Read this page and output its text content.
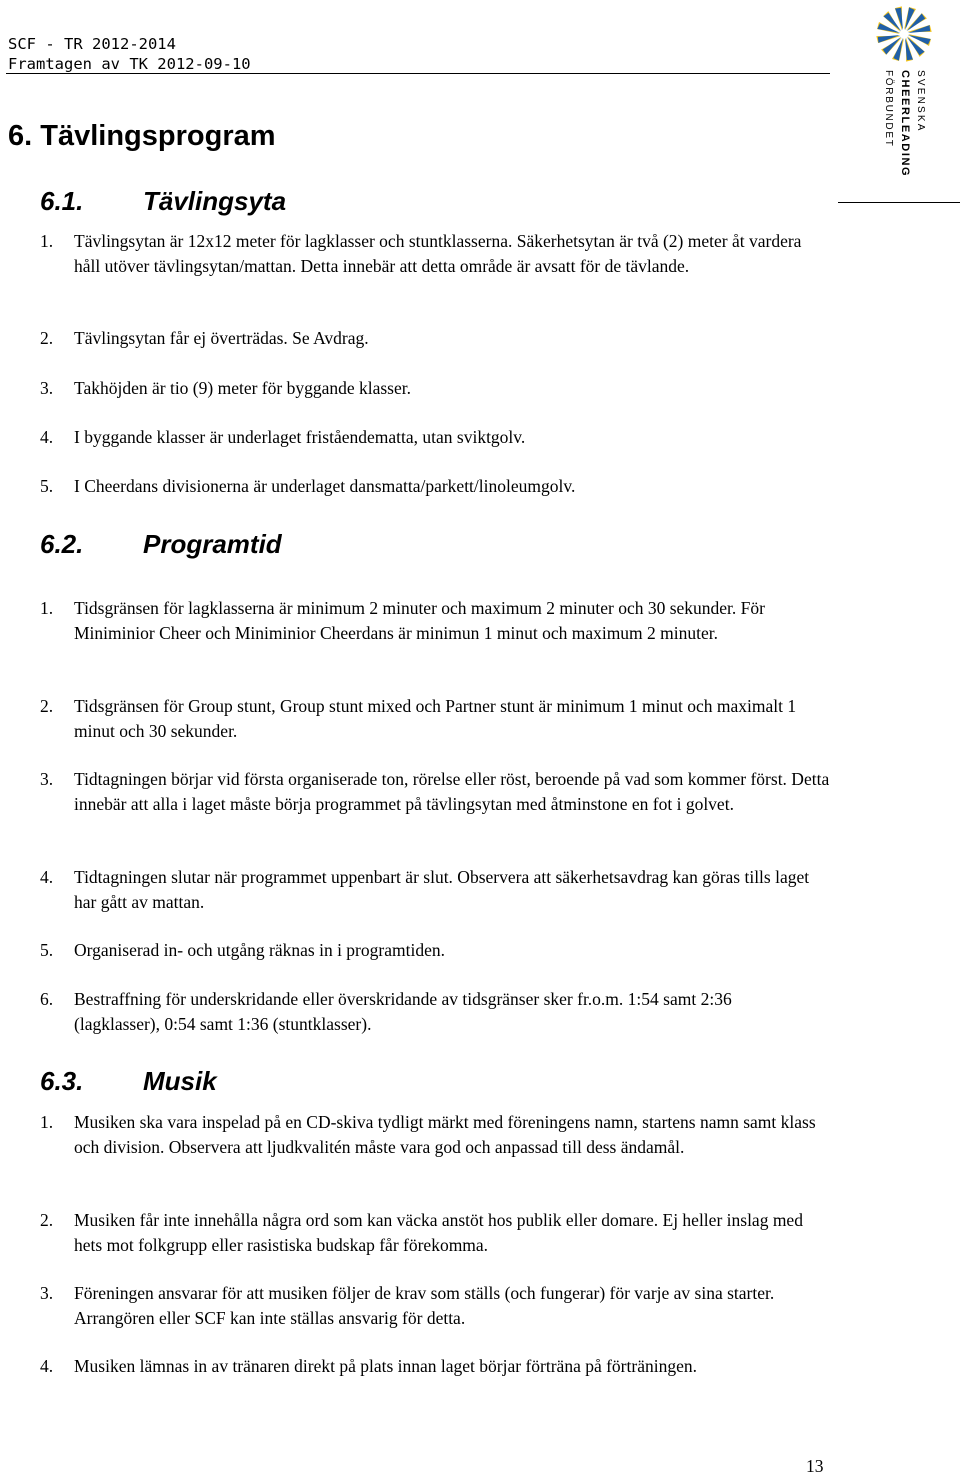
SCF - TR 2012-2014
Framtagen av TK 2012-09-10
SVENSKA
CHEERLEADING
FÖRBUNDET
6. Tävlingsprogram
6.1. Tävlingsyta
1. Tävlingsytan är 12x12 meter för lagklasser och stuntklasserna. Säkerhetsytan är två (2) meter åt vardera håll utöver tävlingsytan/mattan. Detta innebär att detta område är avsatt för de tävlande.
2. Tävlingsytan får ej överträdas. Se Avdrag.
3. Takhöjden är tio (9) meter för byggande klasser.
4. I byggande klasser är underlaget friståendematta, utan sviktgolv.
5. I Cheerdans divisionerna är underlaget dansmatta/parkett/linoleumgolv.
6.2. Programtid
1. Tidsgränsen för lagklasserna är minimum 2 minuter och maximum 2 minuter och 30 sekunder. För Miniminior Cheer och Miniminior Cheerdans är minimun 1 minut och maximum 2 minuter.
2. Tidsgränsen för Group stunt, Group stunt mixed och Partner stunt är minimum 1 minut och maximalt 1 minut och 30 sekunder.
3. Tidtagningen börjar vid första organiserade ton, rörelse eller röst, beroende på vad som kommer först. Detta innebär att alla i laget måste börja programmet på tävlingsytan med åtminstone en fot i golvet.
4. Tidtagningen slutar när programmet uppenbart är slut. Observera att säkerhetsavdrag kan göras tills laget har gått av mattan.
5. Organiserad in- och utgång räknas in i programtiden.
6. Bestraffning för underskridande eller överskridande av tidsgränser sker fr.o.m. 1:54 samt 2:36 (lagklasser), 0:54 samt 1:36 (stuntklasser).
6.3. Musik
1. Musiken ska vara inspelad på en CD-skiva tydligt märkt med föreningens namn, startens namn samt klass och division. Observera att ljudkvalitén måste vara god och anpassad till dess ändamål.
2. Musiken får inte innehålla några ord som kan väcka anstöt hos publik eller domare. Ej heller inslag med hets mot folkgrupp eller rasistiska budskap får förekomma.
3. Föreningen ansvarar för att musiken följer de krav som ställs (och fungerar) för varje av sina starter. Arrangören eller SCF kan inte ställas ansvarig för detta.
4. Musiken lämnas in av tränaren direkt på plats innan laget börjar förträna på förträningen.
13
